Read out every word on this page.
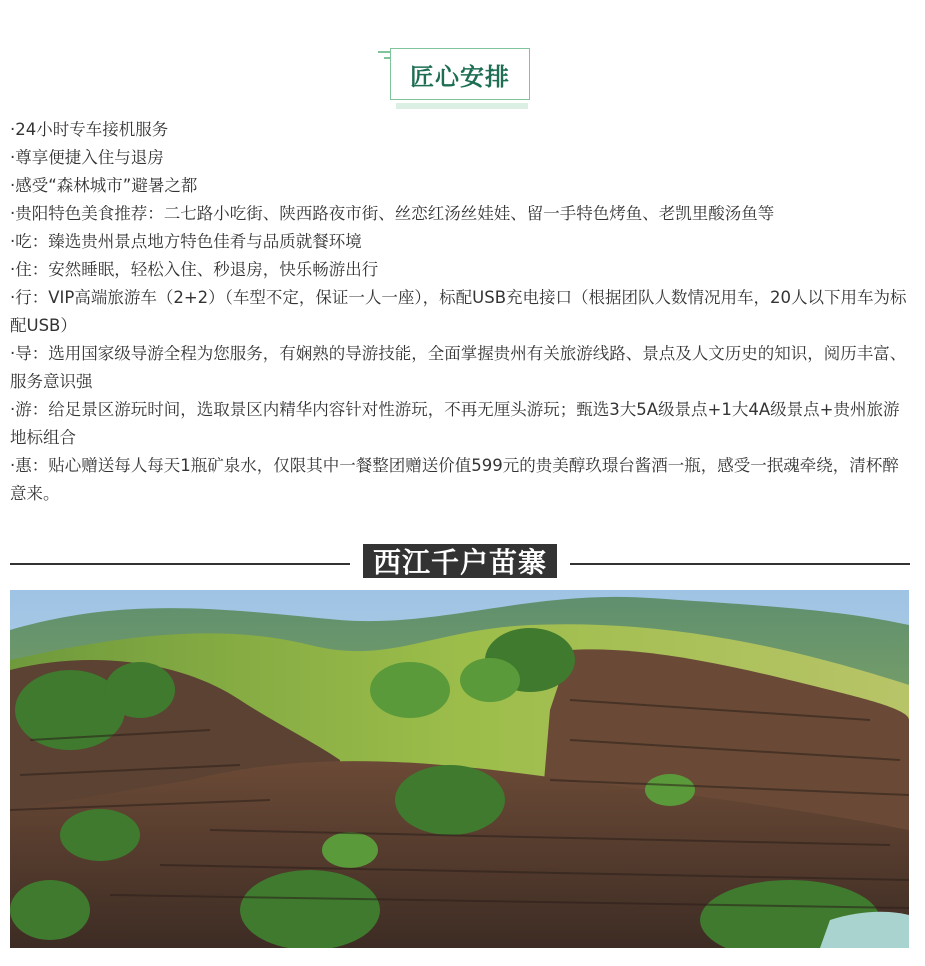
匠心安排

·24小时专车接机服务

·尊享便捷入住与退房

·感受“森林城市”避暑之都

·贵阳特色美食推荐：二七路小吃街、陕西路夜市街、丝恋红汤丝娃娃、留一手特色烤鱼、老凯里酸汤鱼等

·吃：臻选贵州景点地方特色佳肴与品质就餐环境

·住：安然睡眠，轻松入住、秒退房，快乐畅游出行

·行：VIP高端旅游车（2+2）（车型不定，保证一人一座），标配USB充电接口（根据团队人数情况用车，20人以下用车为标配USB）

·导：选用国家级导游全程为您服务，有娴熟的导游技能，全面掌握贵州有关旅游线路、景点及人文历史的知识，阅历丰富、服务意识强

·游：给足景区游玩时间，选取景区内精华内容针对性游玩，不再无厘头游玩；甄选3大5A级景点+1大4A级景点+贵州旅游地标组合

·惠：贴心赠送每人每天1瓶矿泉水，仅限其中一餐整团赠送价值599元的贵美醇玖璟台酱酒一瓶，感受一抿魂牵绕，清杯醉意来。

西江千户苗寨
